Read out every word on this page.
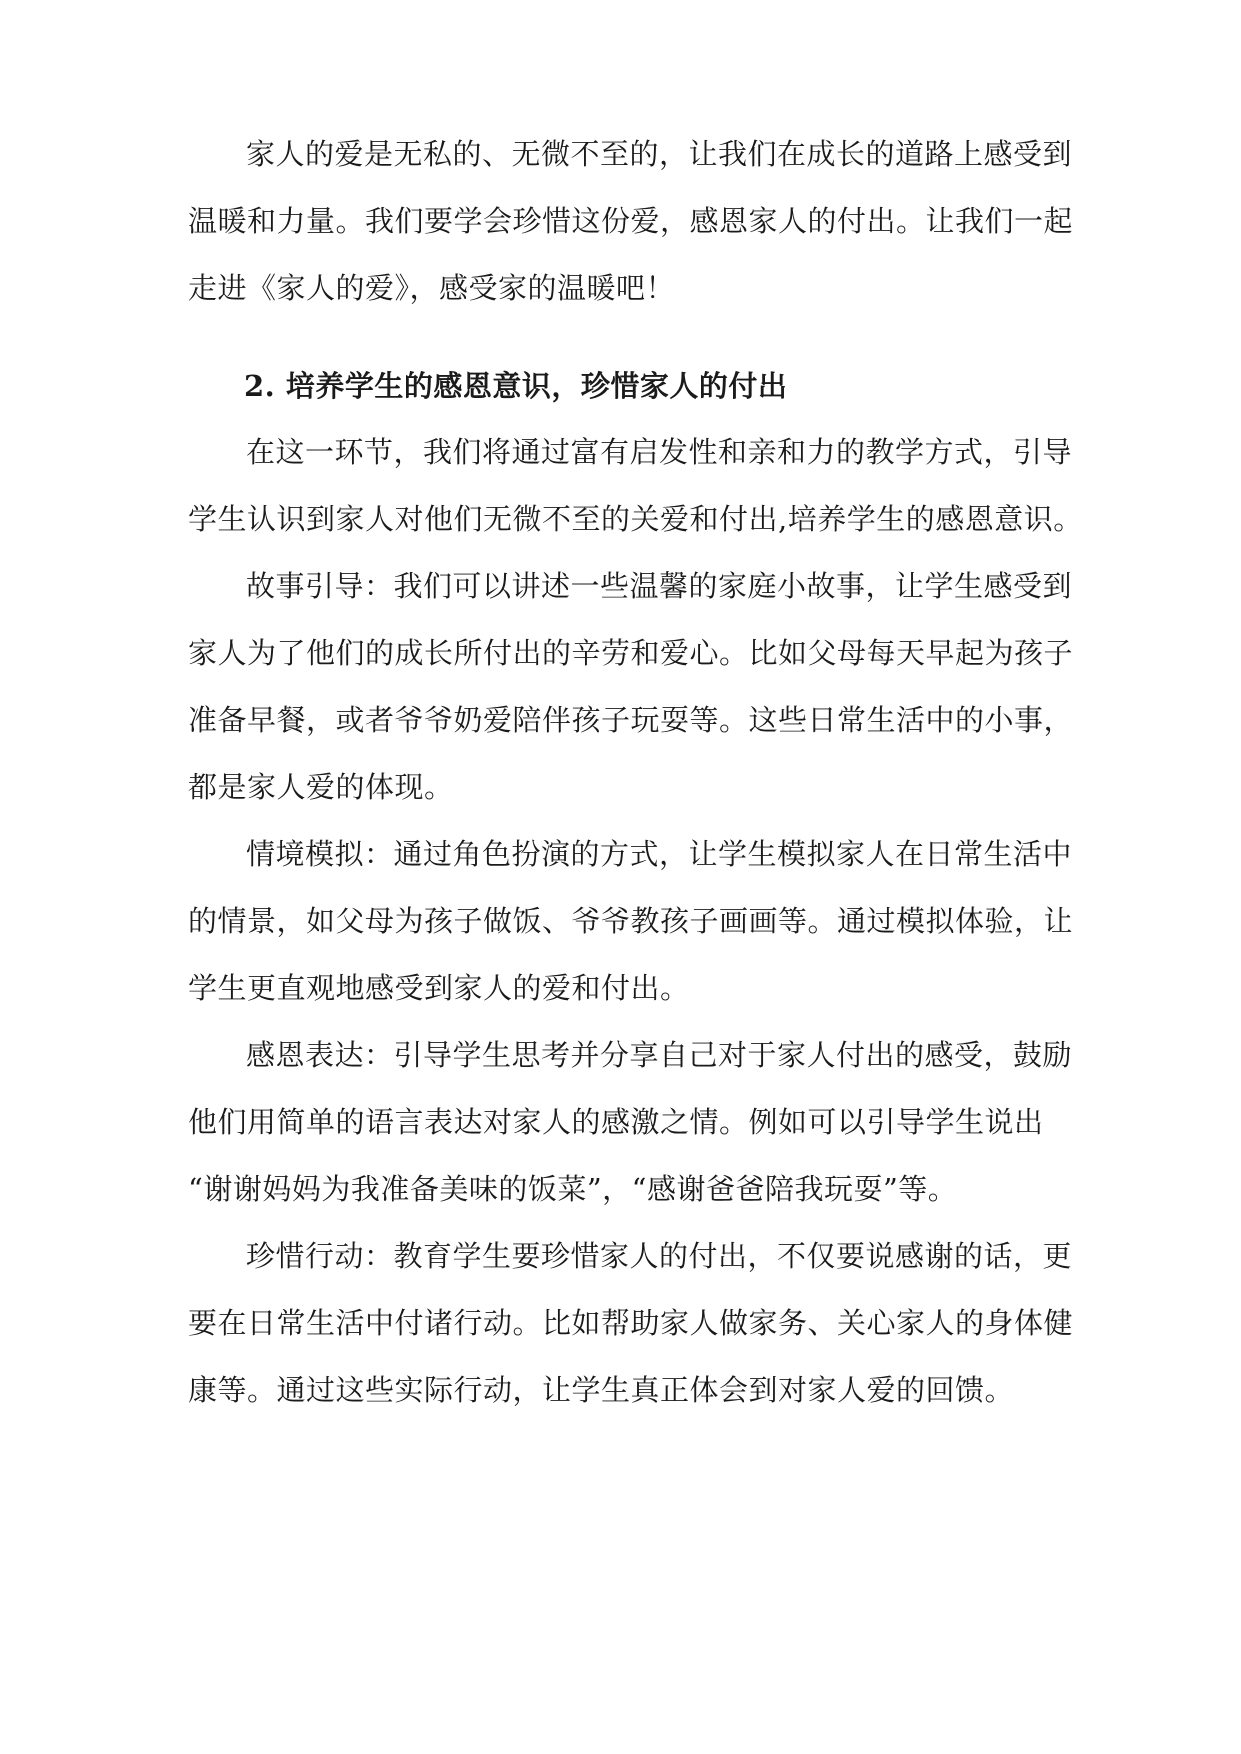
家人的爱是无私的、无微不至的，让我们在成长的道路上感受到
温暖和力量。我们要学会珍惜这份爱，感恩家人的付出。让我们一起
走进《家人的爱》，感受家的温暖吧！
2. 培养学生的感恩意识，珍惜家人的付出
在这一环节，我们将通过富有启发性和亲和力的教学方式，引导
学生认识到家人对他们无微不至的关爱和付出,培养学生的感恩意识。
故事引导：我们可以讲述一些温馨的家庭小故事，让学生感受到
家人为了他们的成长所付出的辛劳和爱心。比如父母每天早起为孩子
准备早餐，或者爷爷奶爱陪伴孩子玩耍等。这些日常生活中的小事，
都是家人爱的体现。
情境模拟：通过角色扮演的方式，让学生模拟家人在日常生活中
的情景，如父母为孩子做饭、爷爷教孩子画画等。通过模拟体验，让
学生更直观地感受到家人的爱和付出。
感恩表达：引导学生思考并分享自己对于家人付出的感受，鼓励
他们用简单的语言表达对家人的感激之情。例如可以引导学生说出
“谢谢妈妈为我准备美味的饭菜”，“感谢爸爸陪我玩耍”等。
珍惜行动：教育学生要珍惜家人的付出，不仅要说感谢的话，更
要在日常生活中付诸行动。比如帮助家人做家务、关心家人的身体健
康等。通过这些实际行动，让学生真正体会到对家人爱的回馈。
